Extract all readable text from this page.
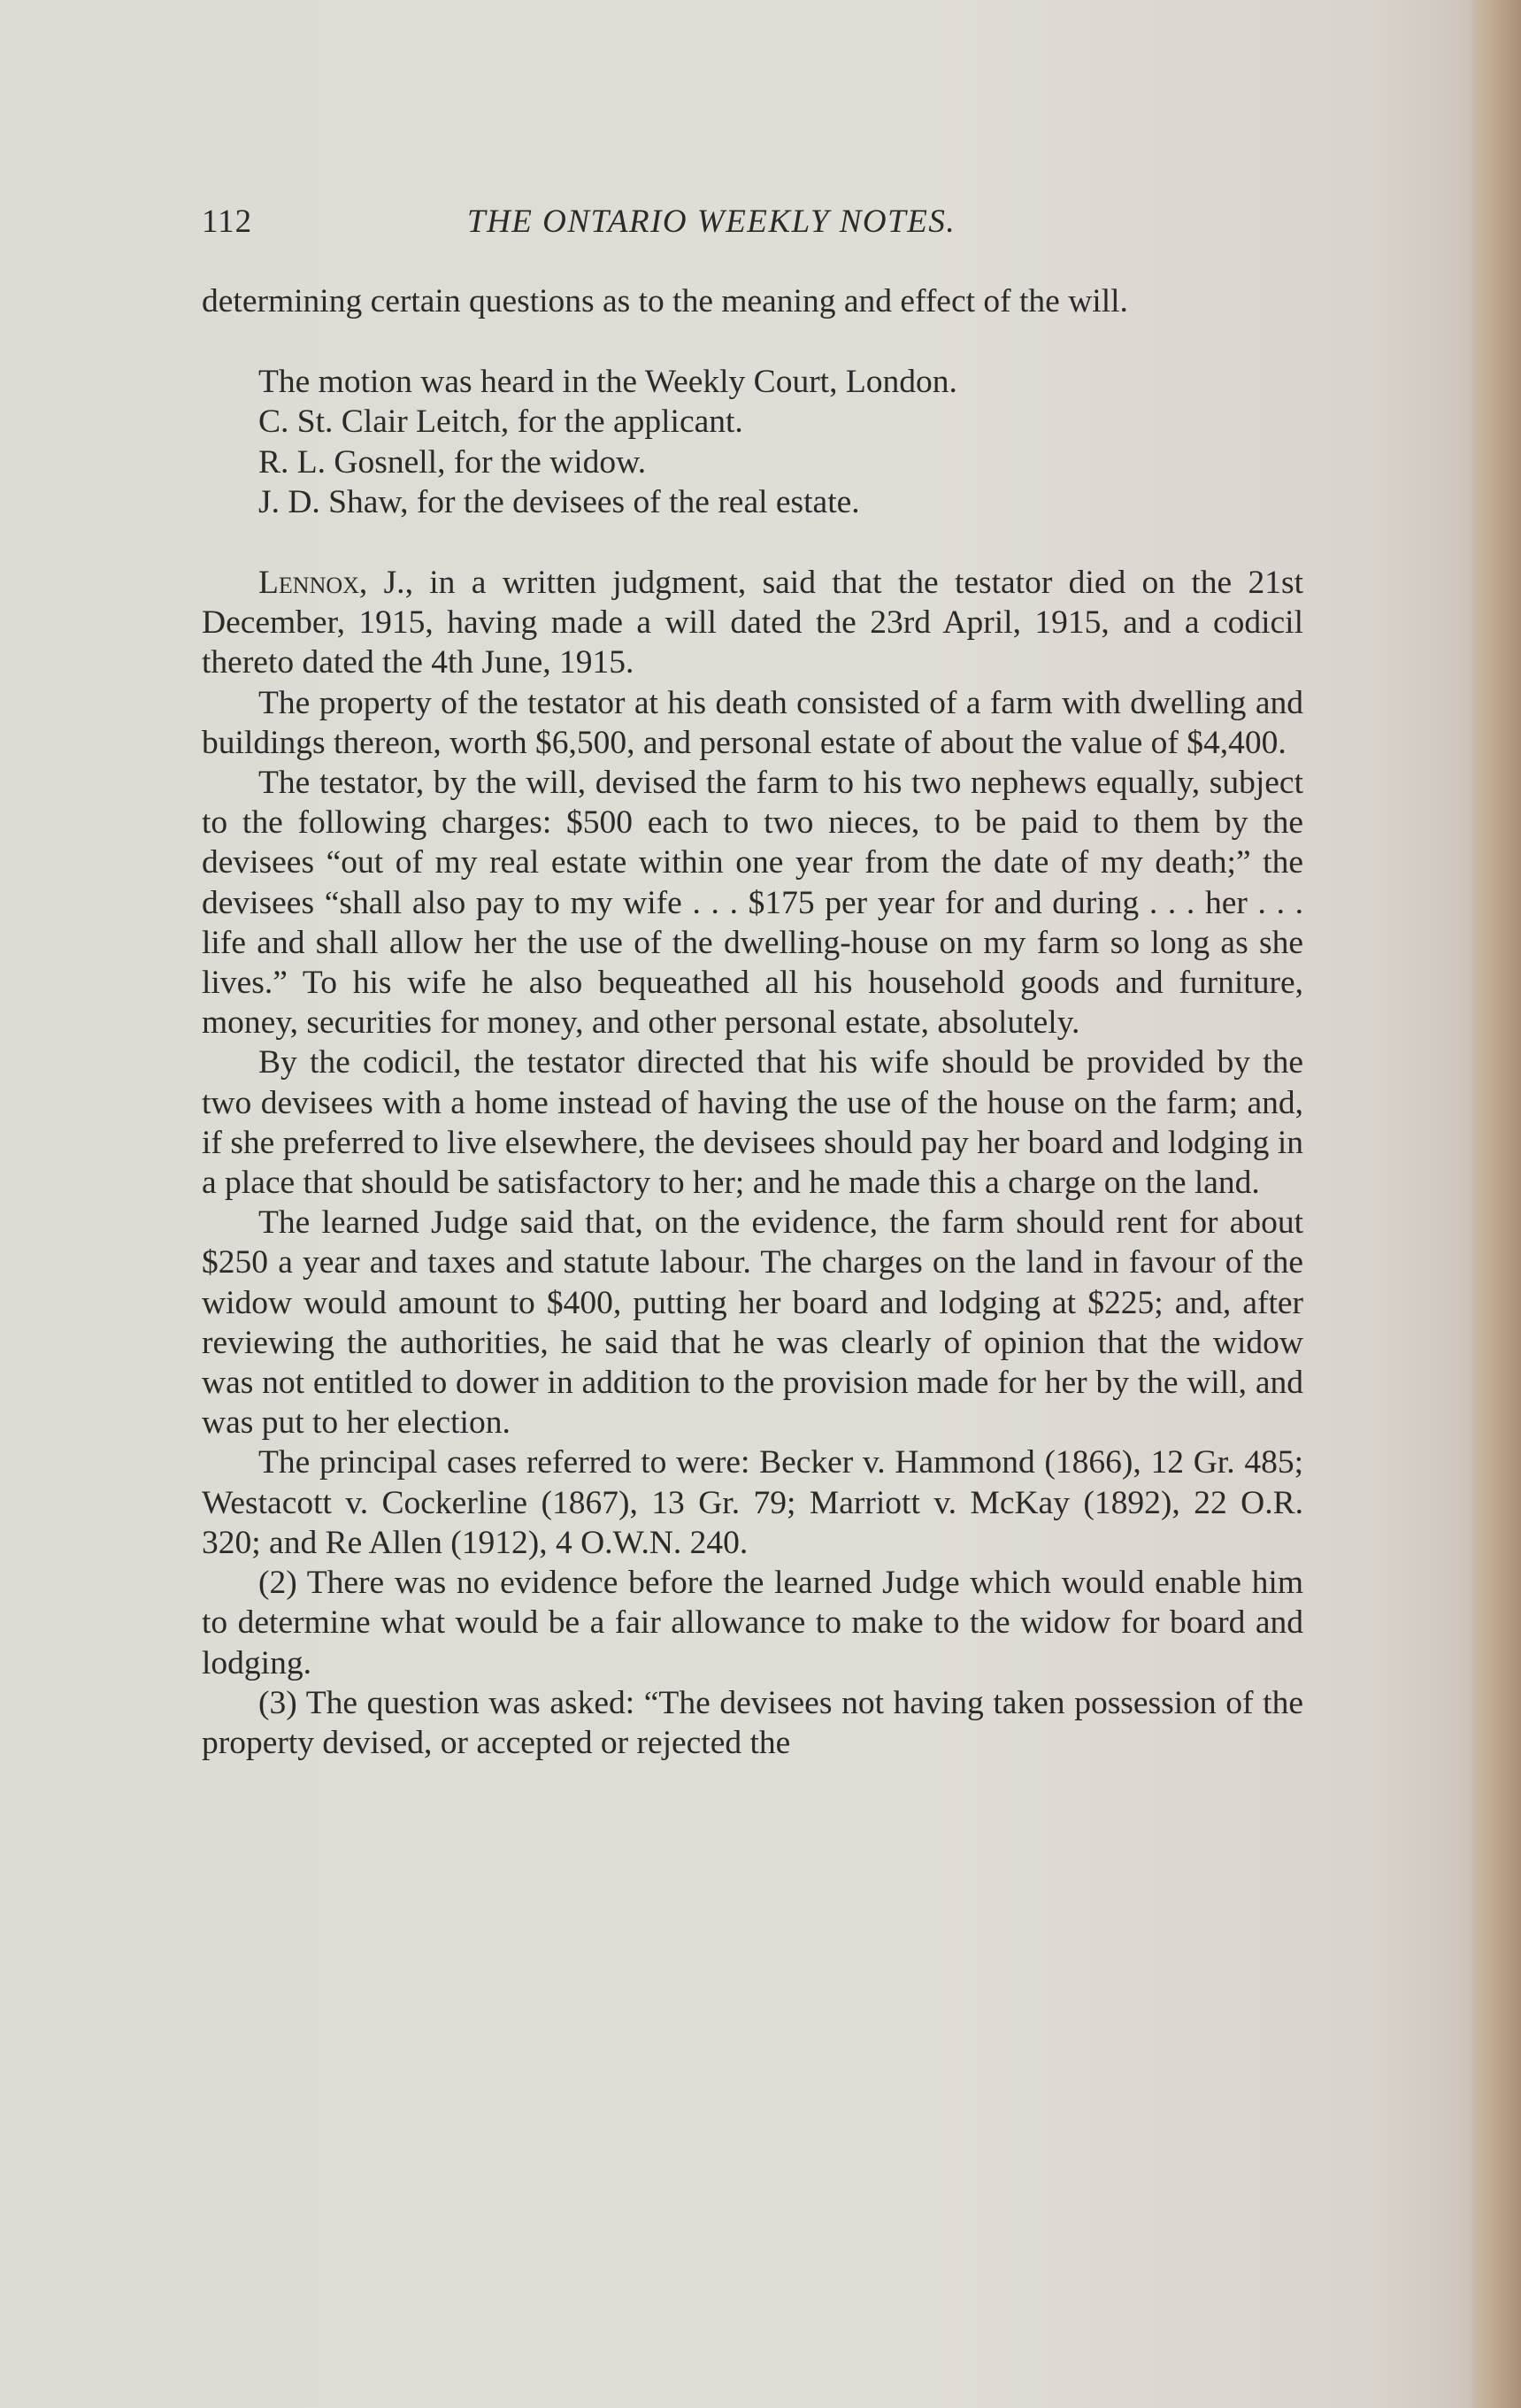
112	THE ONTARIO WEEKLY NOTES.

determining certain questions as to the meaning and effect of the will.

The motion was heard in the Weekly Court, London.

C. St. Clair Leitch, for the applicant.

R. L. Gosnell, for the widow.

J. D. Shaw, for the devisees of the real estate.

Lennox, J., in a written judgment, said that the testator died on the 21st December, 1915, having made a will dated the 23rd April, 1915, and a codicil thereto dated the 4th June, 1915.

The property of the testator at his death consisted of a farm with dwelling and buildings thereon, worth $6,500, and personal estate of about the value of $4,400.

The testator, by the will, devised the farm to his two nephews equally, subject to the following charges: $500 each to two nieces, to be paid to them by the devisees “out of my real estate within one year from the date of my death;” the devisees “shall also pay to my wife . . . $175 per year for and during . . . her . . . life and shall allow her the use of the dwelling-house on my farm so long as she lives.” To his wife he also bequeathed all his household goods and furniture, money, securities for money, and other personal estate, absolutely.

By the codicil, the testator directed that his wife should be provided by the two devisees with a home instead of having the use of the house on the farm; and, if she preferred to live elsewhere, the devisees should pay her board and lodging in a place that should be satisfactory to her; and he made this a charge on the land.

The learned Judge said that, on the evidence, the farm should rent for about $250 a year and taxes and statute labour. The charges on the land in favour of the widow would amount to $400, putting her board and lodging at $225; and, after reviewing the authorities, he said that he was clearly of opinion that the widow was not entitled to dower in addition to the provision made for her by the will, and was put to her election.

The principal cases referred to were: Becker v. Hammond (1866), 12 Gr. 485; Westacott v. Cockerline (1867), 13 Gr. 79; Marriott v. McKay (1892), 22 O.R. 320; and Re Allen (1912), 4 O.W.N. 240.

(2) There was no evidence before the learned Judge which would enable him to determine what would be a fair allowance to make to the widow for board and lodging.

(3) The question was asked: “The devisees not having taken possession of the property devised, or accepted or rejected the
